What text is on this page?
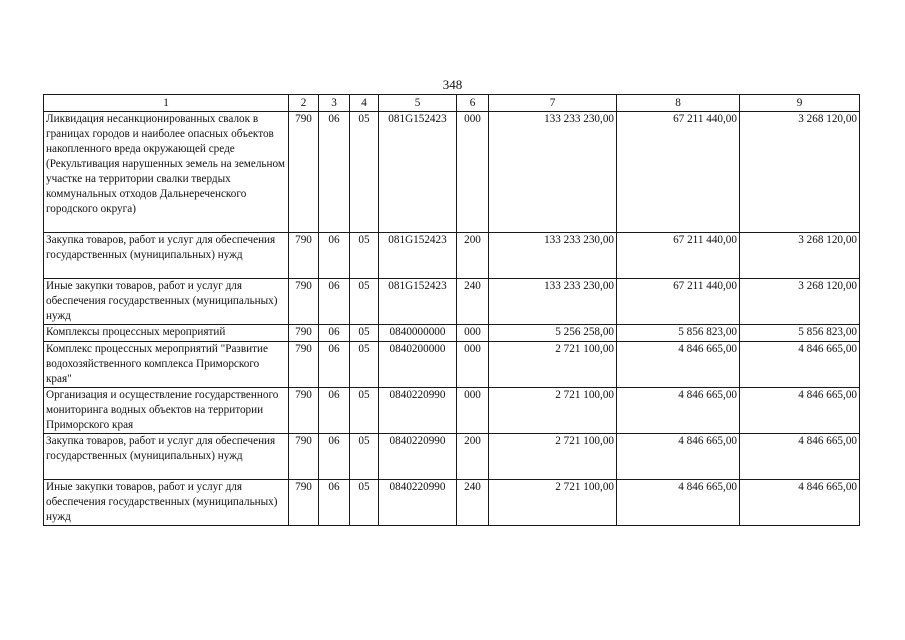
348
1	2	3	4	5	6	7	8	9
Ликвидация несанкционированных свалок в границах городов и наиболее опасных объектов накопленного вреда окружающей среде (Рекультивация нарушенных земель на земельном участке на территории свалки твердых коммунальных отходов Дальнереченского городского округа)	790	06	05	081G152423	000	133 233 230,00	67 211 440,00	3 268 120,00
Закупка товаров, работ и услуг для обеспечения государственных (муниципальных) нужд	790	06	05	081G152423	200	133 233 230,00	67 211 440,00	3 268 120,00
Иные закупки товаров, работ и услуг для обеспечения государственных (муниципальных) нужд	790	06	05	081G152423	240	133 233 230,00	67 211 440,00	3 268 120,00
Комплексы процессных мероприятий	790	06	05	0840000000	000	5 256 258,00	5 856 823,00	5 856 823,00
Комплекс процессных мероприятий "Развитие водохозяйственного комплекса Приморского края"	790	06	05	0840200000	000	2 721 100,00	4 846 665,00	4 846 665,00
Организация и осуществление государственного мониторинга водных объектов на территории Приморского края	790	06	05	0840220990	000	2 721 100,00	4 846 665,00	4 846 665,00
Закупка товаров, работ и услуг для обеспечения государственных (муниципальных) нужд	790	06	05	0840220990	200	2 721 100,00	4 846 665,00	4 846 665,00
Иные закупки товаров, работ и услуг для обеспечения государственных (муниципальных) нужд	790	06	05	0840220990	240	2 721 100,00	4 846 665,00	4 846 665,00
